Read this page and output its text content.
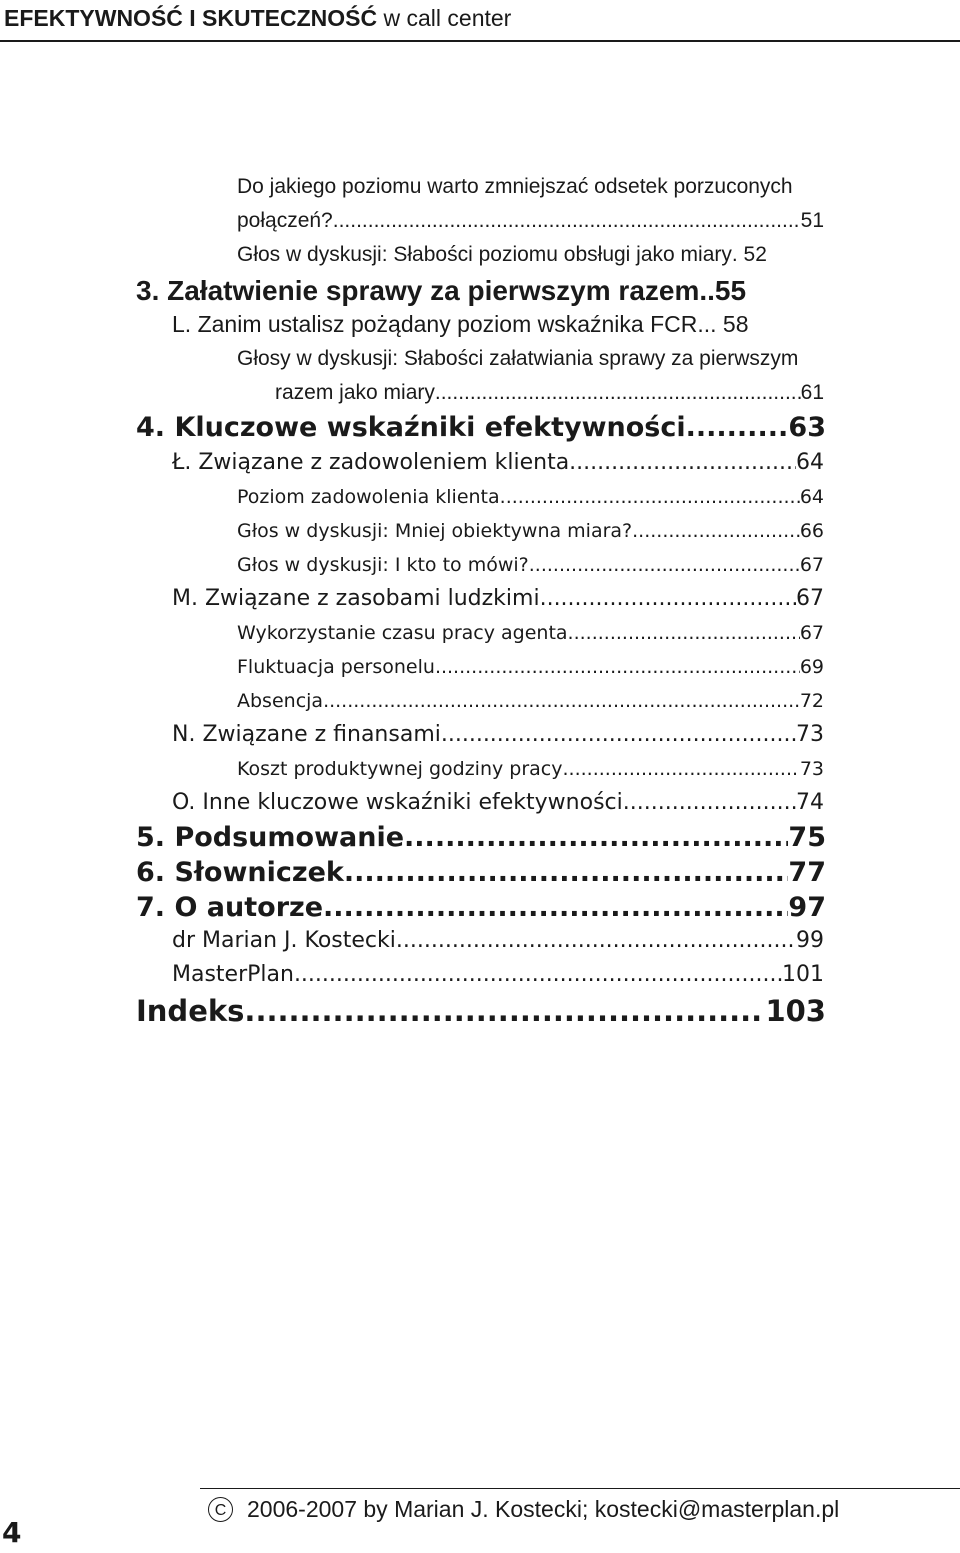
EFEKTYWNOŚĆ I SKUTECZNOŚĆ w call center
Do jakiego poziomu warto zmniejszać odsetek porzuconych
połączeń? .....	51
Głos w dyskusji: Słabości poziomu obsługi jako miary . 52
3. Załatwienie sprawy za pierwszym razem ..55
L. Zanim ustalisz pożądany poziom wskaźnika FCR ... 58
Głosy w dyskusji: Słabości załatwiania sprawy za pierwszym
razem jako miary .....	61
4. Kluczowe wskaźniki efektywności .....	63
Ł. Związane z zadowoleniem klienta .....	64
Poziom zadowolenia klienta .....	64
Głos w dyskusji: Mniej obiektywna miara? .....	66
Głos w dyskusji: I kto to mówi? .....	67
M. Związane z zasobami ludzkimi .....	67
Wykorzystanie czasu pracy agenta .....	67
Fluktuacja personelu .....	69
Absencja .....	72
N. Związane z finansami .....	73
Koszt produktywnej godziny pracy .....	73
O. Inne kluczowe wskaźniki efektywności .....	74
5. Podsumowanie .....	75
6. Słowniczek .....	77
7. O autorze .....	97
dr Marian J. Kostecki .....	99
MasterPlan .....	101
Indeks .....	103
C 2006-2007 by Marian J. Kostecki; kostecki@masterplan.pl
4
